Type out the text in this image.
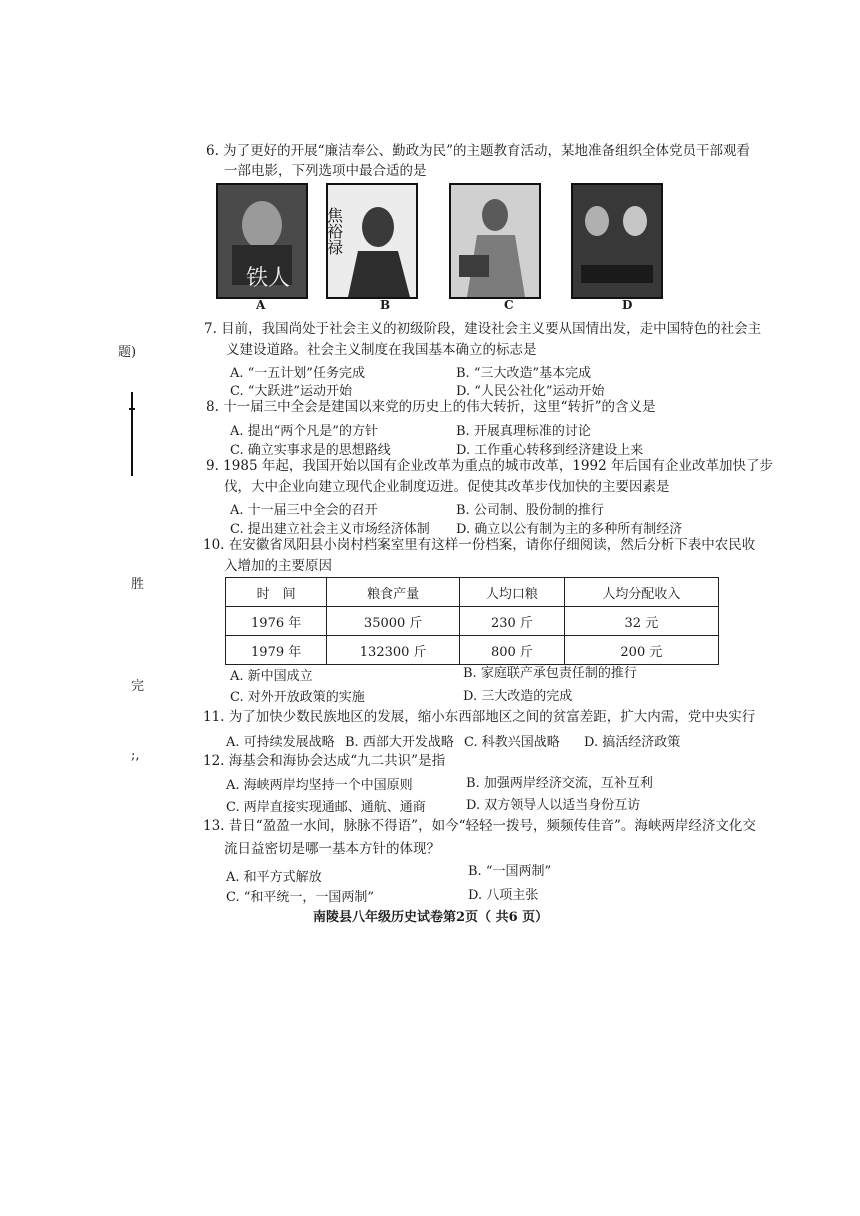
题)
胜
完
;,
6. 为了更好的开展“廉洁奉公、勤政为民”的主题教育活动，某地准备组织全体党员干部观看
一部电影，下列选项中最合适的是
铁人
焦裕禄
A	B	C	D
7. 目前，我国尚处于社会主义的初级阶段，建设社会主义要从国情出发，走中国特色的社会主
义建设道路。社会主义制度在我国基本确立的标志是
A. “一五计划”任务完成	B. “三大改造”基本完成
C. “大跃进”运动开始	D. “人民公社化”运动开始
8. 十一届三中全会是建国以来党的历史上的伟大转折，这里“转折”的含义是
A. 提出“两个凡是”的方针	B. 开展真理标准的讨论
C. 确立实事求是的思想路线	D. 工作重心转移到经济建设上来
9. 1985 年起，我国开始以国有企业改革为重点的城市改革，1992 年后国有企业改革加快了步
伐，大中企业向建立现代企业制度迈进。促使其改革步伐加快的主要因素是
A. 十一届三中全会的召开	B. 公司制、股份制的推行
C. 提出建立社会主义市场经济体制 D. 确立以公有制为主的多种所有制经济
10. 在安徽省凤阳县小岗村档案室里有这样一份档案，请你仔细阅读，然后分析下表中农民收
入增加的主要原因
时　间	粮食产量	人均口粮	人均分配收入
1976 年	35000 斤	230 斤	32 元
1979 年	132300 斤	800 斤	200 元
A. 新中国成立	B. 家庭联产承包责任制的推行
C. 对外开放政策的实施	D. 三大改造的完成
11. 为了加快少数民族地区的发展，缩小东西部地区之间的贫富差距，扩大内需，党中央实行
A. 可持续发展战略 B. 西部大开发战略 C. 科教兴国战略 D. 搞活经济政策
12. 海基会和海协会达成“九二共识”是指
A. 海峡两岸均坚持一个中国原则	B. 加强两岸经济交流，互补互利
C. 两岸直接实现通邮、通航、通商	D. 双方领导人以适当身份互访
13. 昔日“盈盈一水间，脉脉不得语”，如今“轻轻一拨号，频频传佳音”。海峡两岸经济文化交
流日益密切是哪一基本方针的体现？
A. 和平方式解放	B. “一国两制”
C. “和平统一，一国两制”	D. 八项主张
南陵县八年级历史试卷第2页（ 共6 页）
